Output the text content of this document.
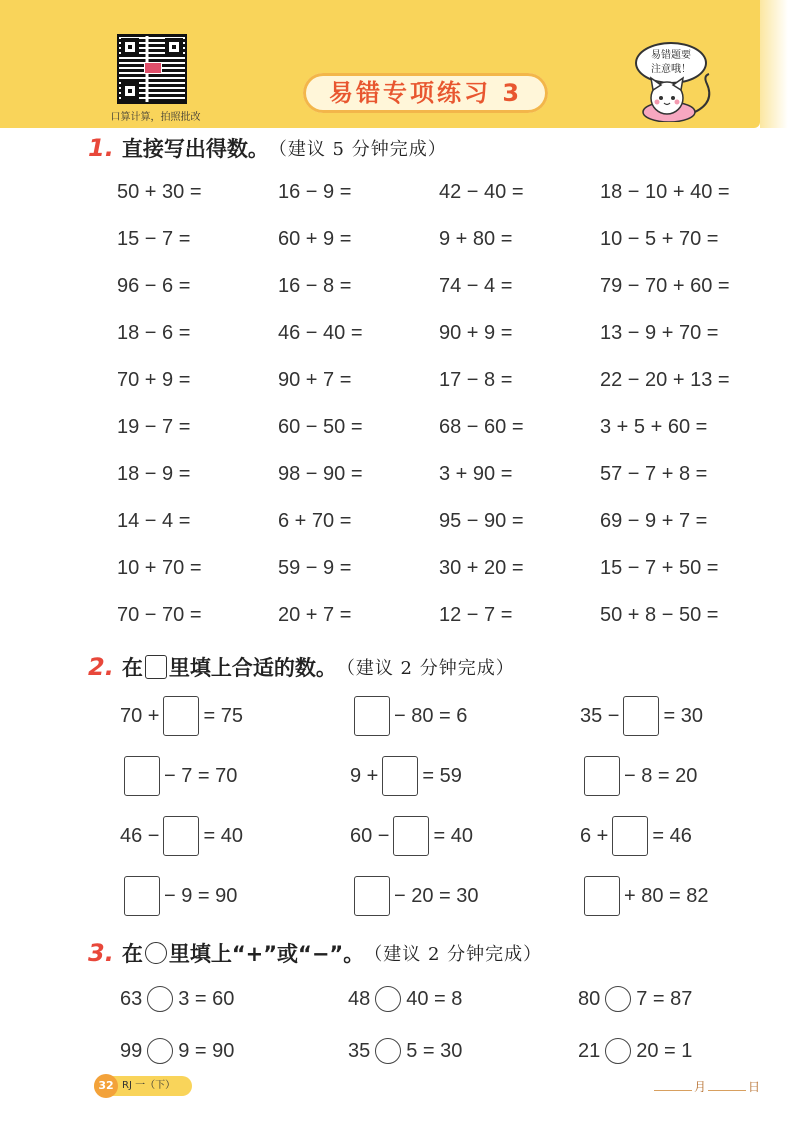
口算计算，拍照批改
易错专项练习 3
易错题要
注意哦！
1. 直接写出得数。 （建议 5 分钟完成）
50 + 30 =	16 − 9 =	42 − 40 =	18 − 10 + 40 =
15 − 7 =	60 + 9 =	9 + 80 =	10 − 5 + 70 =
96 − 6 =	16 − 8 =	74 − 4 =	79 − 70 + 60 =
18 − 6 =	46 − 40 =	90 + 9 =	13 − 9 + 70 =
70 + 9 =	90 + 7 =	17 − 8 =	22 − 20 + 13 =
19 − 7 =	60 − 50 =	68 − 60 =	3 + 5 + 60 =
18 − 9 =	98 − 90 =	3 + 90 =	57 − 7 + 8 =
14 − 4 =	6 + 70 =	95 − 90 =	69 − 9 + 7 =
10 + 70 =	59 − 9 =	30 + 20 =	15 − 7 + 50 =
70 − 70 =	20 + 7 =	12 − 7 =	50 + 8 − 50 =
2. 在 里填上合适的数。 （建议 2 分钟完成）
70 + = 75	− 80 = 6	35 − = 30
− 7 = 70	9 + = 59	− 8 = 20
46 − = 40	60 − = 40	6 + = 46
− 9 = 90	− 20 = 30	+ 80 = 82
3. 在 里填上“+”或“−”。 （建议 2 分钟完成）
63 3 = 60	48 40 = 8	80 7 = 87
99 9 = 90	35 5 = 30	21 20 = 1
RJ 一（下）
32	月	日
